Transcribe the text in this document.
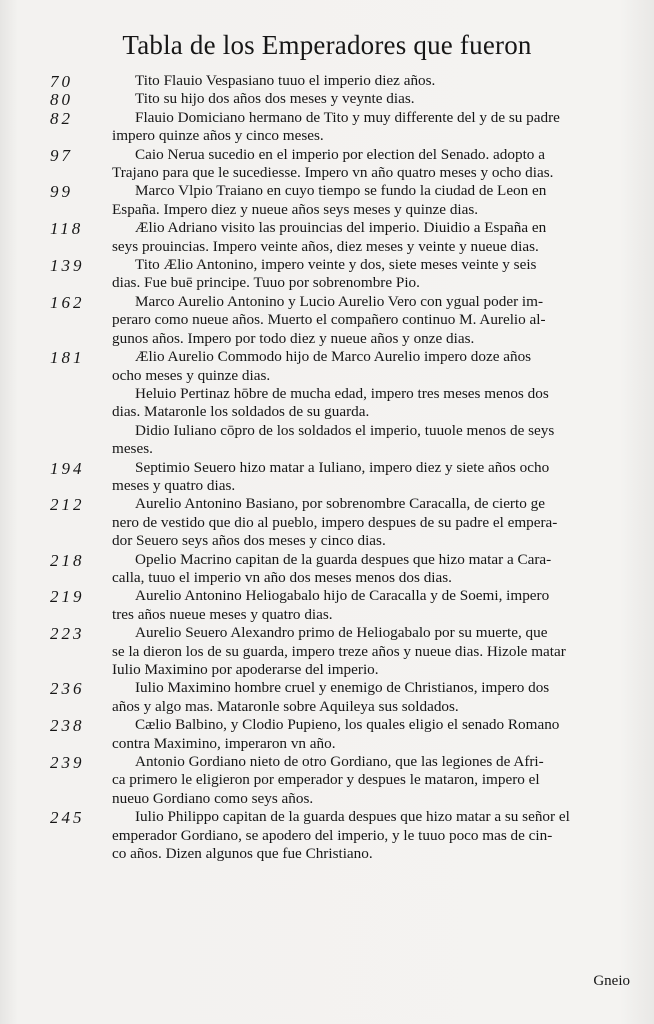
Tabla de los Emperadores que fueron
70	Tito Flauio Vespasiano tuuo el imperio diez años.
80	Tito su hijo dos años dos meses y veynte dias.
82	Flauio Domiciano hermano de Tito y muy differente del y de su padre
impero quinze años y cinco meses.
97	Caio Nerua sucedio en el imperio por election del Senado. adopto a
Trajano para que le sucediesse. Impero vn año quatro meses y ocho dias.
99	Marco Vlpio Traiano en cuyo tiempo se fundo la ciudad de Leon en
España. Impero diez y nueue años seys meses y quinze dias.
118	Ælio Adriano visito las prouincias del imperio. Diuidio a España en
seys prouincias. Impero veinte años, diez meses y veinte y nueue dias.
139	Tito Ælio Antonino, impero veinte y dos, siete meses veinte y seis
dias. Fue buē principe. Tuuo por sobrenombre Pio.
162	Marco Aurelio Antonino y Lucio Aurelio Vero con ygual poder im-
peraro como nueue años. Muerto el compañero continuo M. Aurelio al-
gunos años. Impero por todo diez y nueue años y onze dias.
181	Ælio Aurelio Commodo hijo de Marco Aurelio impero doze años
ocho meses y quinze dias.
Heluio Pertinaz hōbre de mucha edad, impero tres meses menos dos
dias. Mataronle los soldados de su guarda.
Didio Iuliano cōpro de los soldados el imperio, tuuole menos de seys
meses.
194	Septimio Seuero hizo matar a Iuliano, impero diez y siete años ocho
meses y quatro dias.
212	Aurelio Antonino Basiano, por sobrenombre Caracalla, de cierto ge
nero de vestido que dio al pueblo, impero despues de su padre el empera-
dor Seuero seys años dos meses y cinco dias.
218	Opelio Macrino capitan de la guarda despues que hizo matar a Cara-
calla, tuuo el imperio vn año dos meses menos dos dias.
219	Aurelio Antonino Heliogabalo hijo de Caracalla y de Soemi, impero
tres años nueue meses y quatro dias.
223	Aurelio Seuero Alexandro primo de Heliogabalo por su muerte, que
se la dieron los de su guarda, impero treze años y nueue dias. Hizole matar
Iulio Maximino por apoderarse del imperio.
236	Iulio Maximino hombre cruel y enemigo de Christianos, impero dos
años y algo mas. Mataronle sobre Aquileya sus soldados.
238	Cælio Balbino, y Clodio Pupieno, los quales eligio el senado Romano
contra Maximino, imperaron vn año.
239	Antonio Gordiano nieto de otro Gordiano, que las legiones de Afri-
ca primero le eligieron por emperador y despues le mataron, impero el
nueuo Gordiano como seys años.
245	Iulio Philippo capitan de la guarda despues que hizo matar a su señor el
emperador Gordiano, se apodero del imperio, y le tuuo poco mas de cin-
co años. Dizen algunos que fue Christiano.
Gneio
